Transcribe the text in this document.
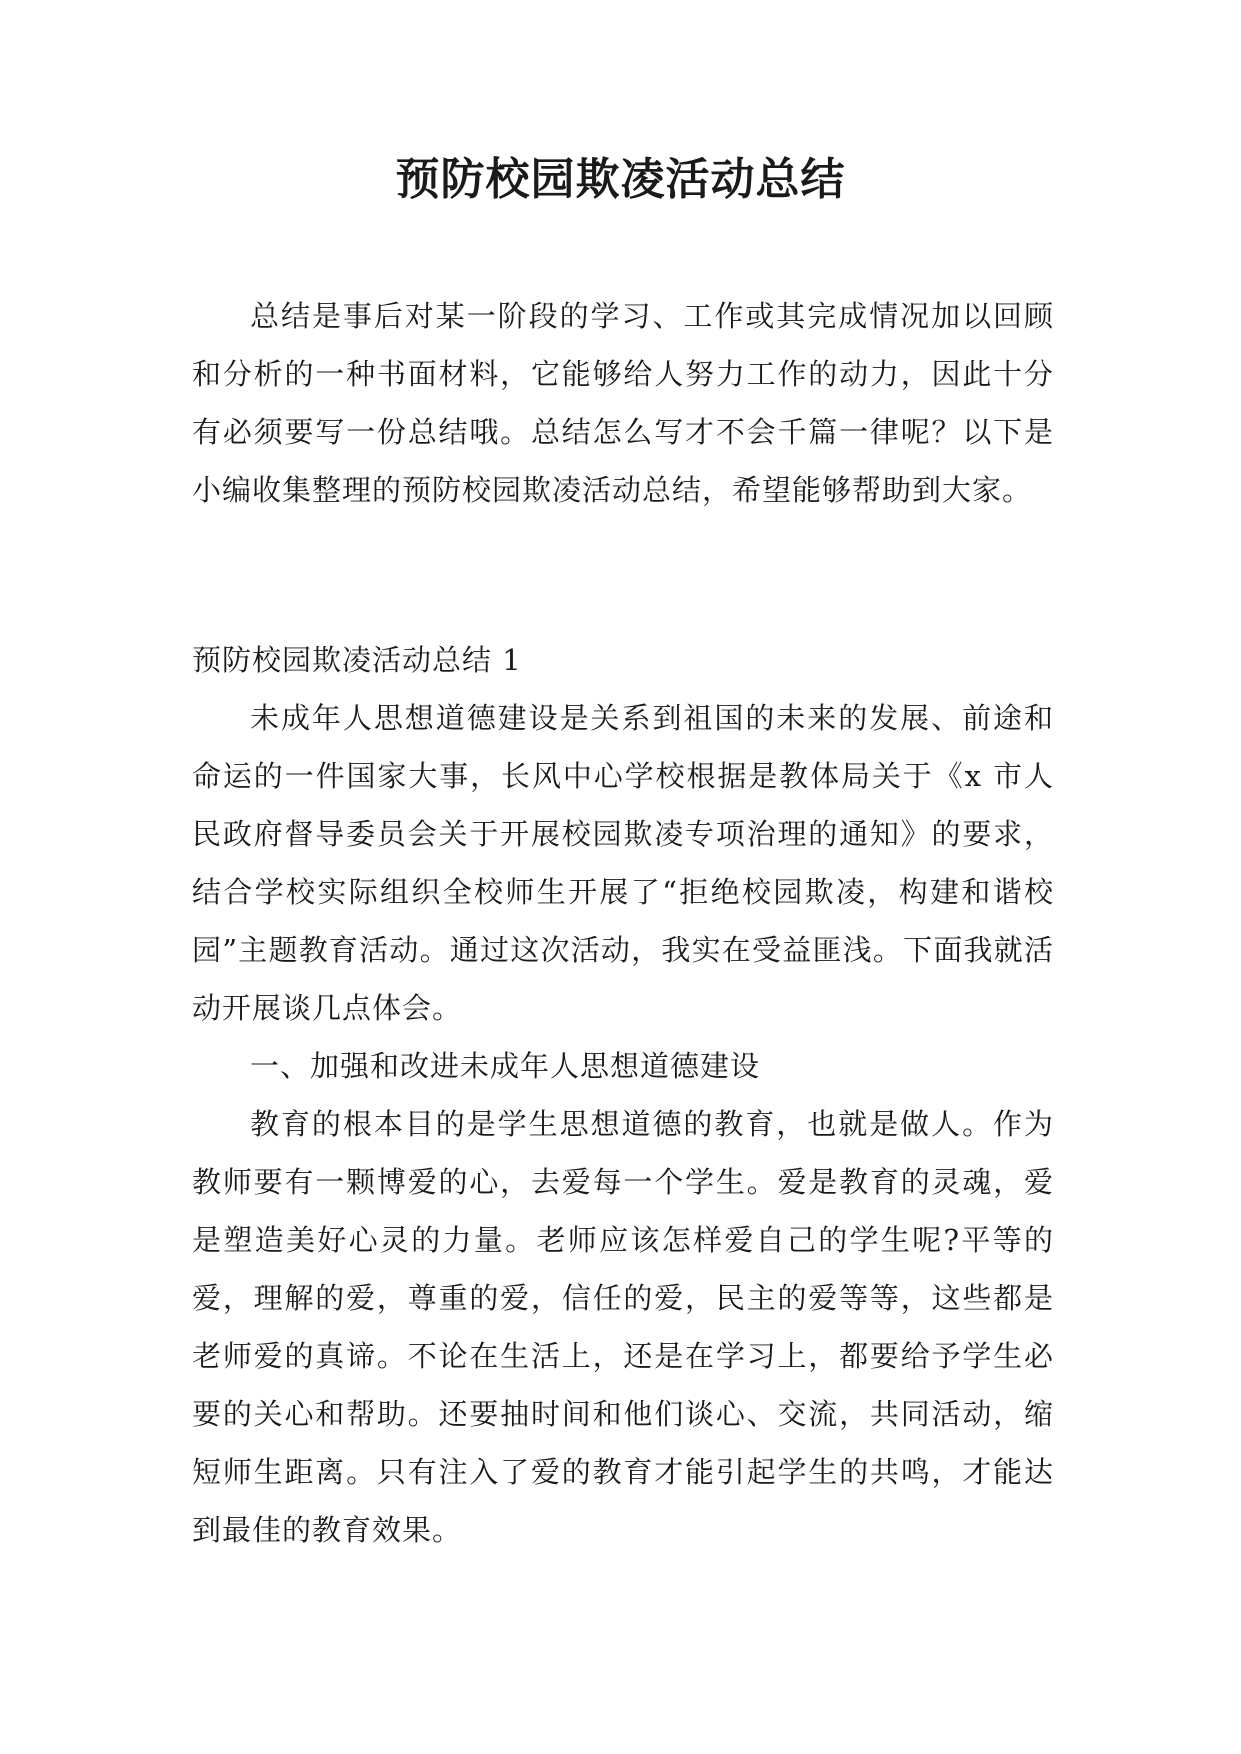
预防校园欺凌活动总结

总结是事后对某一阶段的学习、工作或其完成情况加以回顾和分析的一种书面材料，它能够给人努力工作的动力，因此十分有必须要写一份总结哦。总结怎么写才不会千篇一律呢？以下是小编收集整理的预防校园欺凌活动总结，希望能够帮助到大家。

预防校园欺凌活动总结 1

未成年人思想道德建设是关系到祖国的未来的发展、前途和命运的一件国家大事，长风中心学校根据是教体局关于《x 市人民政府督导委员会关于开展校园欺凌专项治理的通知》的要求，结合学校实际组织全校师生开展了“拒绝校园欺凌，构建和谐校园”主题教育活动。通过这次活动，我实在受益匪浅。下面我就活动开展谈几点体会。

一、加强和改进未成年人思想道德建设

教育的根本目的是学生思想道德的教育，也就是做人。作为教师要有一颗博爱的心，去爱每一个学生。爱是教育的灵魂，爱是塑造美好心灵的力量。老师应该怎样爱自己的学生呢?平等的爱，理解的爱，尊重的爱，信任的爱，民主的爱等等，这些都是老师爱的真谛。不论在生活上，还是在学习上，都要给予学生必要的关心和帮助。还要抽时间和他们谈心、交流，共同活动，缩短师生距离。只有注入了爱的教育才能引起学生的共鸣，才能达到最佳的教育效果。
